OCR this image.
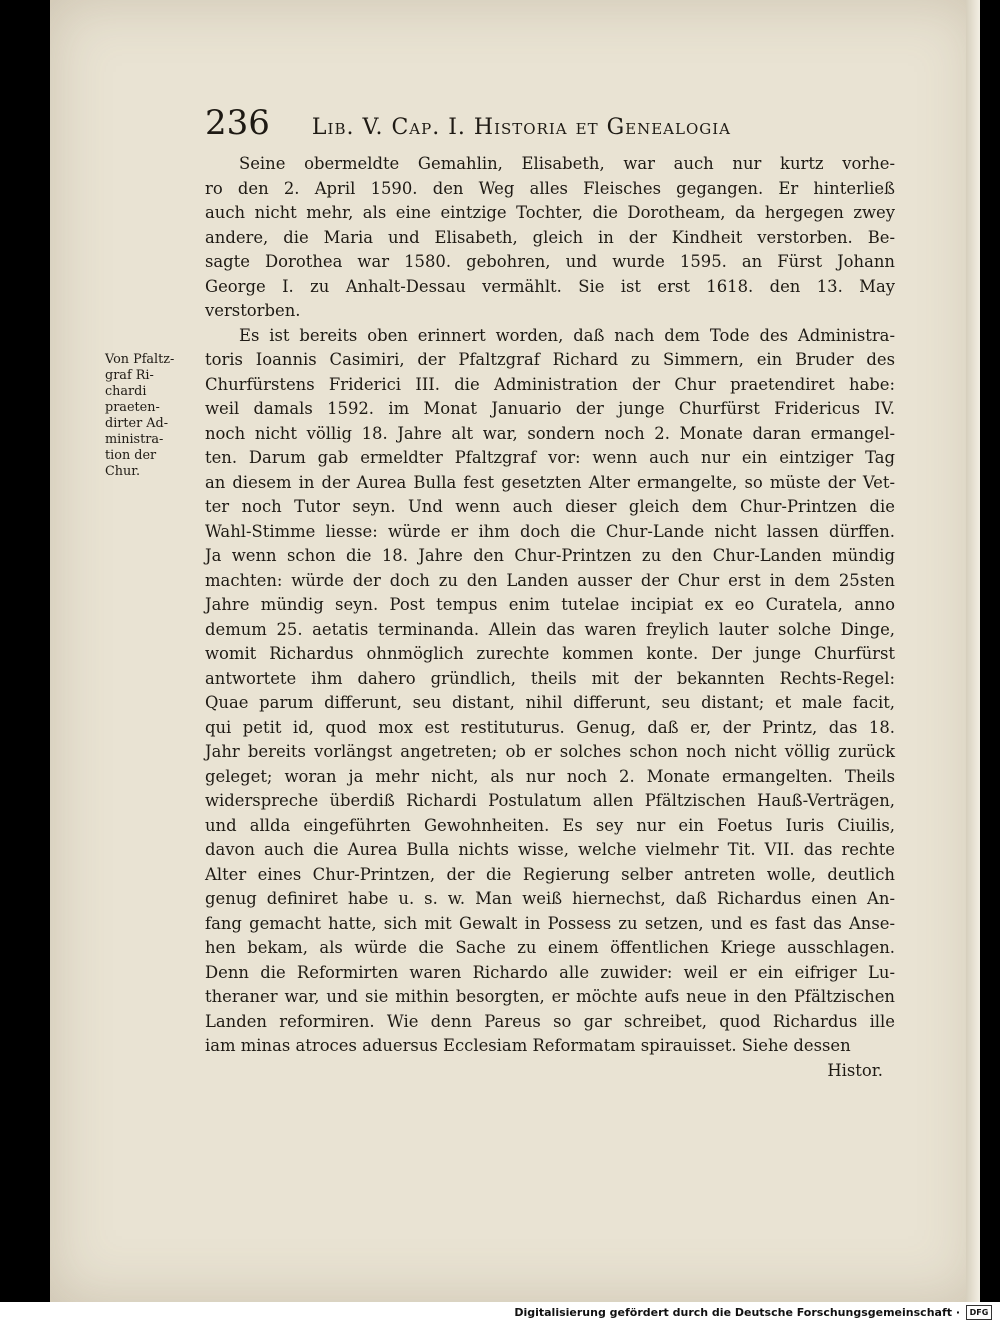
236 Lib. V. Cap. I. Historia et Genealogia
Von Pfaltz-
graf Ri-
chardi
praeten-
dirter Ad-
ministra-
tion der
Chur.
Seine obermeldte Gemahlin, Elisabeth, war auch nur kurtz vorhe-
ro den 2. April 1590. den Weg alles Fleisches gegangen. Er hinterließ
auch nicht mehr, als eine eintzige Tochter, die Dorotheam, da hergegen zwey
andere, die Maria und Elisabeth, gleich in der Kindheit verstorben. Be-
sagte Dorothea war 1580. gebohren, und wurde 1595. an Fürst Johann
George I. zu Anhalt-Dessau vermählt. Sie ist erst 1618. den 13. May
verstorben.
Es ist bereits oben erinnert worden, daß nach dem Tode des Administra-
toris Ioannis Casimiri, der Pfaltzgraf Richard zu Simmern, ein Bruder des
Churfürstens Friderici III. die Administration der Chur praetendiret habe:
weil damals 1592. im Monat Januario der junge Churfürst Fridericus IV.
noch nicht völlig 18. Jahre alt war, sondern noch 2. Monate daran ermangel-
ten. Darum gab ermeldter Pfaltzgraf vor: wenn auch nur ein eintziger Tag
an diesem in der Aurea Bulla fest gesetzten Alter ermangelte, so müste der Vet-
ter noch Tutor seyn. Und wenn auch dieser gleich dem Chur-Printzen die
Wahl-Stimme liesse: würde er ihm doch die Chur-Lande nicht lassen dürffen.
Ja wenn schon die 18. Jahre den Chur-Printzen zu den Chur-Landen mündig
machten: würde der doch zu den Landen ausser der Chur erst in dem 25sten
Jahre mündig seyn. Post tempus enim tutelae incipiat ex eo Curatela, anno
demum 25. aetatis terminanda. Allein das waren freylich lauter solche Dinge,
womit Richardus ohnmöglich zurechte kommen konte. Der junge Churfürst
antwortete ihm dahero gründlich, theils mit der bekannten Rechts-Regel:
Quae parum differunt, seu distant, nihil differunt, seu distant; et male facit,
qui petit id, quod mox est restituturus. Genug, daß er, der Printz, das 18.
Jahr bereits vorlängst angetreten; ob er solches schon noch nicht völlig zurück
geleget; woran ja mehr nicht, als nur noch 2. Monate ermangelten. Theils
widerspreche überdiß Richardi Postulatum allen Pfältzischen Hauß-Verträgen,
und allda eingeführten Gewohnheiten. Es sey nur ein Foetus Iuris Ciuilis,
davon auch die Aurea Bulla nichts wisse, welche vielmehr Tit. VII. das rechte
Alter eines Chur-Printzen, der die Regierung selber antreten wolle, deutlich
genug definiret habe u. s. w. Man weiß hiernechst, daß Richardus einen An-
fang gemacht hatte, sich mit Gewalt in Possess zu setzen, und es fast das Anse-
hen bekam, als würde die Sache zu einem öffentlichen Kriege ausschlagen.
Denn die Reformirten waren Richardo alle zuwider: weil er ein eifriger Lu-
theraner war, und sie mithin besorgten, er möchte aufs neue in den Pfältzischen
Landen reformiren. Wie denn Pareus so gar schreibet, quod Richardus ille
iam minas atroces aduersus Ecclesiam Reformatam spirauisset. Siehe dessen
Histor.
Digitalisierung gefördert durch die Deutsche Forschungsgemeinschaft ·	DFG
